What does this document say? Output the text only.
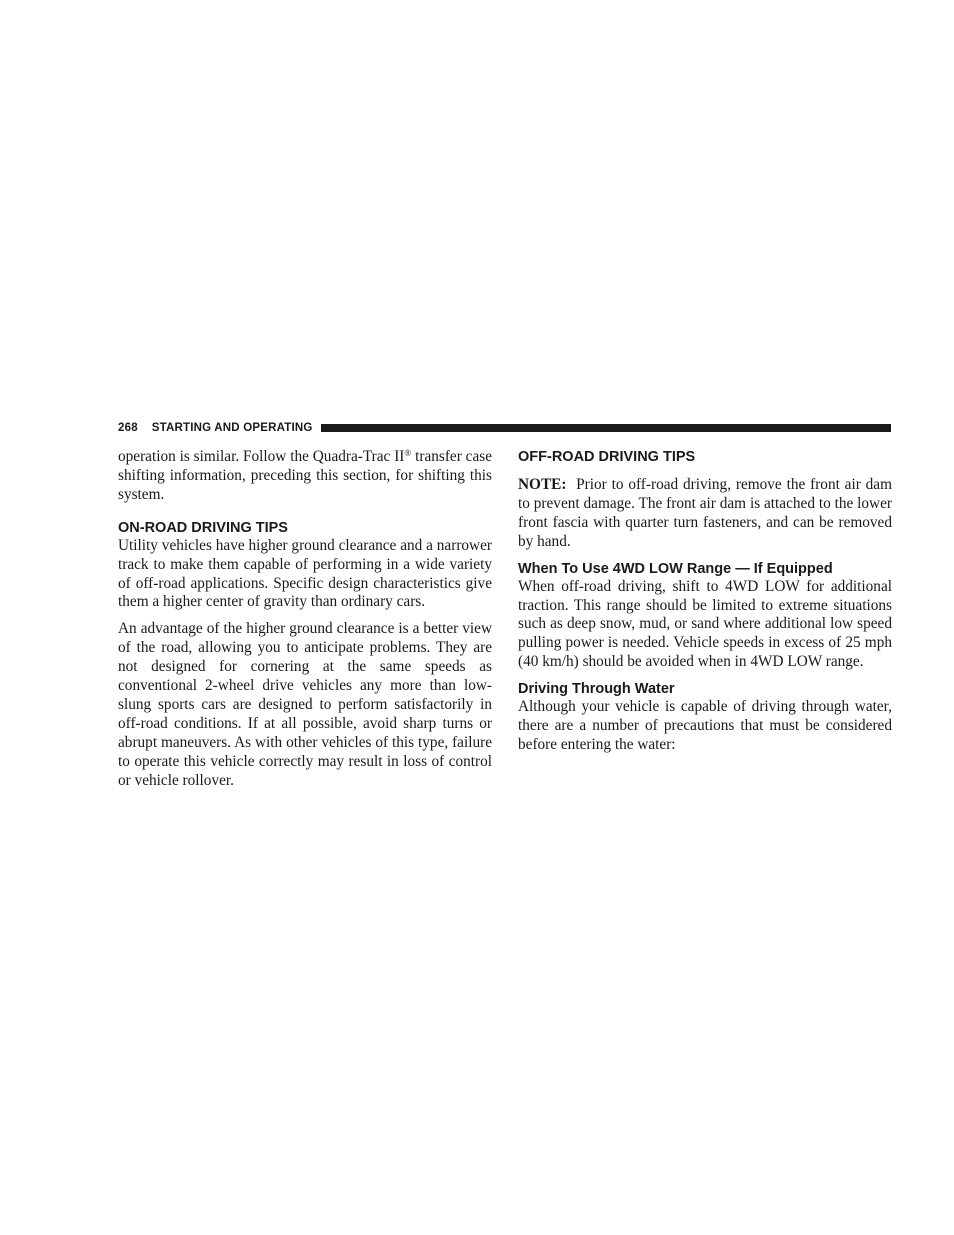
268 STARTING AND OPERATING

operation is similar. Follow the Quadra-Trac II® transfer case shifting information, preceding this section, for shifting this system.

ON-ROAD DRIVING TIPS

Utility vehicles have higher ground clearance and a narrower track to make them capable of performing in a wide variety of off-road applications. Specific design characteristics give them a higher center of gravity than ordinary cars.

An advantage of the higher ground clearance is a better view of the road, allowing you to anticipate problems. They are not designed for cornering at the same speeds as conventional 2-wheel drive vehicles any more than low-slung sports cars are designed to perform satisfactorily in off-road conditions. If at all possible, avoid sharp turns or abrupt maneuvers. As with other vehicles of this type, failure to operate this vehicle correctly may result in loss of control or vehicle rollover.

OFF-ROAD DRIVING TIPS

NOTE:  Prior to off-road driving, remove the front air dam to prevent damage. The front air dam is attached to the lower front fascia with quarter turn fasteners, and can be removed by hand.

When To Use 4WD LOW Range — If Equipped

When off-road driving, shift to 4WD LOW for additional traction. This range should be limited to extreme situations such as deep snow, mud, or sand where additional low speed pulling power is needed. Vehicle speeds in excess of 25 mph (40 km/h) should be avoided when in 4WD LOW range.

Driving Through Water

Although your vehicle is capable of driving through water, there are a number of precautions that must be considered before entering the water:
